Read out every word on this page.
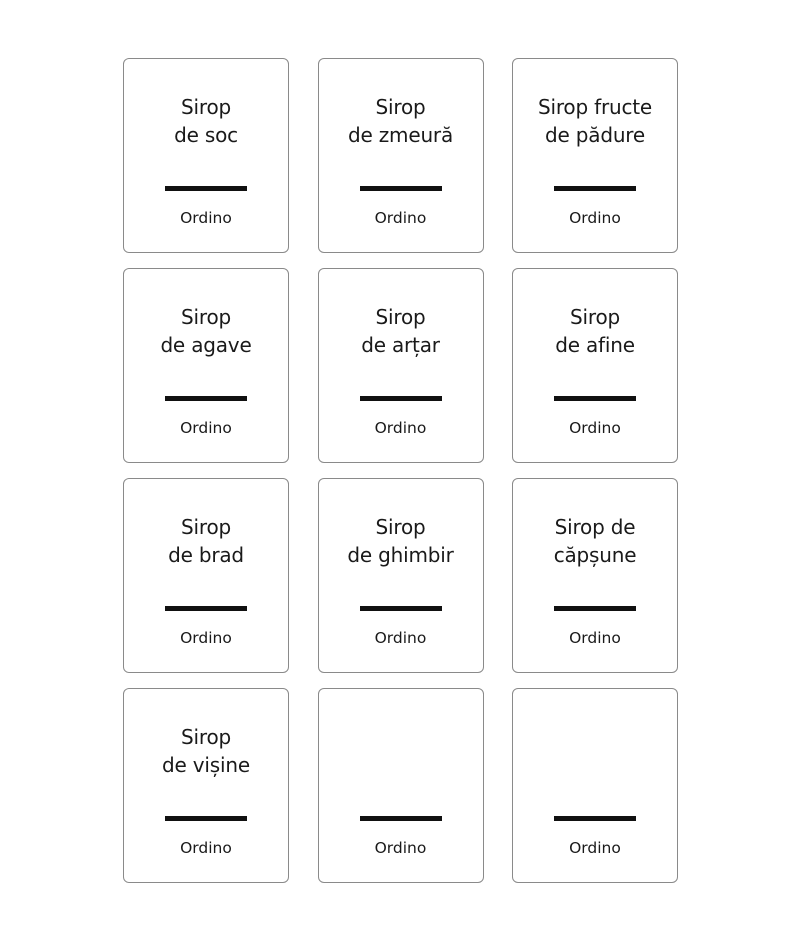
Sirop
de soc
Ordino
Sirop
de zmeură
Ordino
Sirop fructe
de pădure
Ordino
Sirop
de agave
Ordino
Sirop
de arțar
Ordino
Sirop
de afine
Ordino
Sirop
de brad
Ordino
Sirop
de ghimbir
Ordino
Sirop de
căpșune
Ordino
Sirop
de vișine
Ordino	Ordino	Ordino
